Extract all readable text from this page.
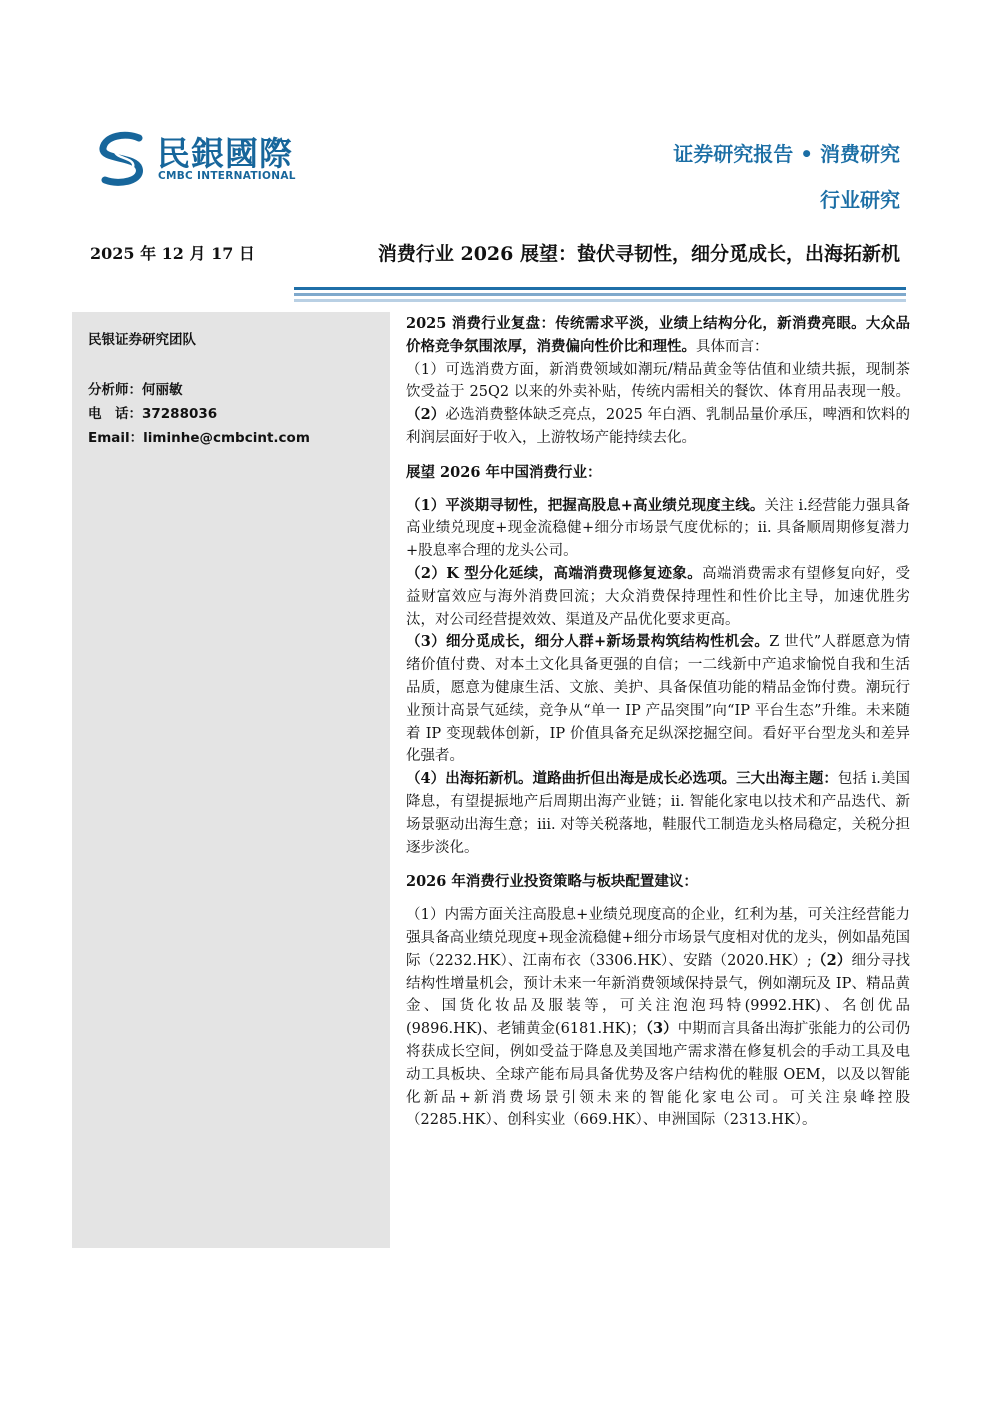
民銀國際
CMBC INTERNATIONAL
证券研究报告 • 消费研究
行业研究
2025 年 12 月 17 日	消费行业 2026 展望：蛰伏寻韧性，细分觅成长，出海拓新机
民银证券研究团队
分析师：何丽敏
电　话：37288036
Email：liminhe@cmbcint.com

2025 消费行业复盘：传统需求平淡，业绩上结构分化，新消费亮眼。大众品价格竞争氛围浓厚，消费偏向性价比和理性。具体而言：

（1）可选消费方面，新消费领域如潮玩/精品黄金等估值和业绩共振，现制茶饮受益于 25Q2 以来的外卖补贴，传统内需相关的餐饮、体育用品表现一般。（2）必选消费整体缺乏亮点，2025 年白酒、乳制品量价承压，啤酒和饮料的利润层面好于收入，上游牧场产能持续去化。

展望 2026 年中国消费行业：

（1）平淡期寻韧性，把握高股息+高业绩兑现度主线。关注 i.经营能力强具备高业绩兑现度+现金流稳健+细分市场景气度优标的；ii. 具备顺周期修复潜力+股息率合理的龙头公司。

（2）K 型分化延续，高端消费现修复迹象。高端消费需求有望修复向好，受益财富效应与海外消费回流；大众消费保持理性和性价比主导，加速优胜劣汰，对公司经营提效效、渠道及产品优化要求更高。

（3）细分觅成长，细分人群+新场景构筑结构性机会。Z 世代”人群愿意为情绪价值付费、对本土文化具备更强的自信；一二线新中产追求愉悦自我和生活品质，愿意为健康生活、文旅、美护、具备保值功能的精品金饰付费。潮玩行业预计高景气延续，竞争从“单一 IP 产品突围”向“IP 平台生态”升维。未来随着 IP 变现载体创新，IP 价值具备充足纵深挖掘空间。看好平台型龙头和差异化强者。

（4）出海拓新机。道路曲折但出海是成长必选项。三大出海主题：包括 i.美国降息，有望提振地产后周期出海产业链；ii. 智能化家电以技术和产品迭代、新场景驱动出海生意；iii. 对等关税落地，鞋服代工制造龙头格局稳定，关税分担逐步淡化。

2026 年消费行业投资策略与板块配置建议：

（1）内需方面关注高股息+业绩兑现度高的企业，红利为基，可关注经营能力强具备高业绩兑现度+现金流稳健+细分市场景气度相对优的龙头，例如晶苑国际（2232.HK）、江南布衣（3306.HK）、安踏（2020.HK）;（2）细分寻找结构性增量机会，预计未来一年新消费领域保持景气，例如潮玩及 IP、精品黄金、国货化妆品及服装等，可关注泡泡玛特(9992.HK)、名创优品(9896.HK)、老铺黄金(6181.HK)；（3）中期而言具备出海扩张能力的公司仍将获成长空间，例如受益于降息及美国地产需求潜在修复机会的手动工具及电动工具板块、全球产能布局具备优势及客户结构优的鞋服 OEM，以及以智能化新品+新消费场景引领未来的智能化家电公司。可关注泉峰控股（2285.HK）、创科实业（669.HK）、申洲国际（2313.HK）。
